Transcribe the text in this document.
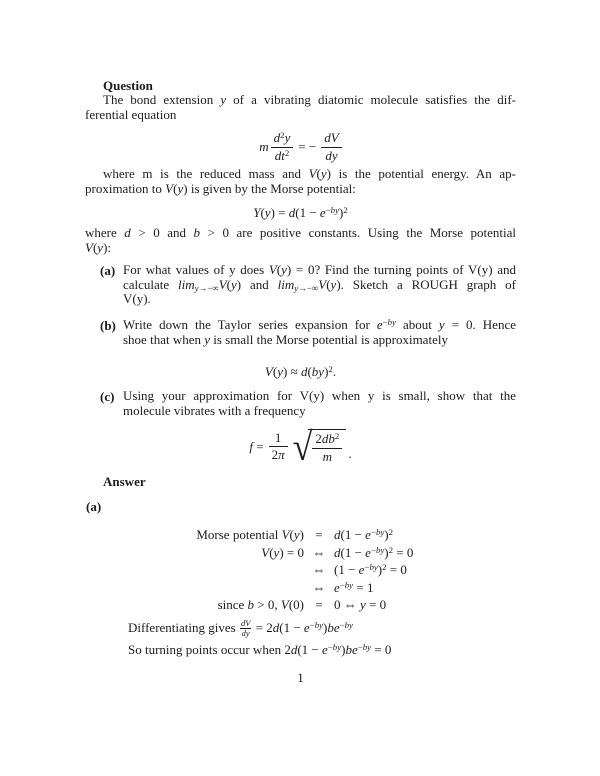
Question
The bond extension y of a vibrating diatomic molecule satisfies the dif-
ferential equation
m $\frac{d^2y}{dt^2}$ = − $\frac{dV}{dy}$
where m is the reduced mass and V(y) is the potential energy. An ap-
proximation to V(y) is given by the Morse potential:
$Y(y) = d(1 - e^{-by})^2$
where d > 0 and b > 0 are positive constants. Using the Morse potential
V(y):
(a) For what values of y does V(y) = 0? Find the turning points of V(y) and
calculate $\lim_{y\to-\infty}V(y)$ and $\lim_{y\to-\infty}V(y)$. Sketch a ROUGH graph of
V(y).
(b) Write down the Taylor series expansion for $e^{-by}$ about y = 0. Hence
shoe that when y is small the Morse potential is approximately
V(y) ≈ d(by)$^2$.
(c) Using your approximation for V(y) when y is small, show that the
molecule vibrates with a frequency
$f = \frac{1}{2\pi}$ √ $\frac{2db^2}{m}$ .
Answer
(a)
Morse potential $V(y) = d(1 - e^{-by})^2$
V(y) = 0 ⇔ $d(1 - e^{-by})^2 = 0$
⇔ $(1 - e^{-by})^2 = 0$
⇔ $e^{-by} = 1$
since b > 0, V(0) = 0 ⇔ y = 0
Differentiating gives $\frac{dV}{dy} = 2d(1 - e^{-by})be^{-by}$
So turning points occur when $2d(1 - e^{-by})be^{-by} = 0$
1
